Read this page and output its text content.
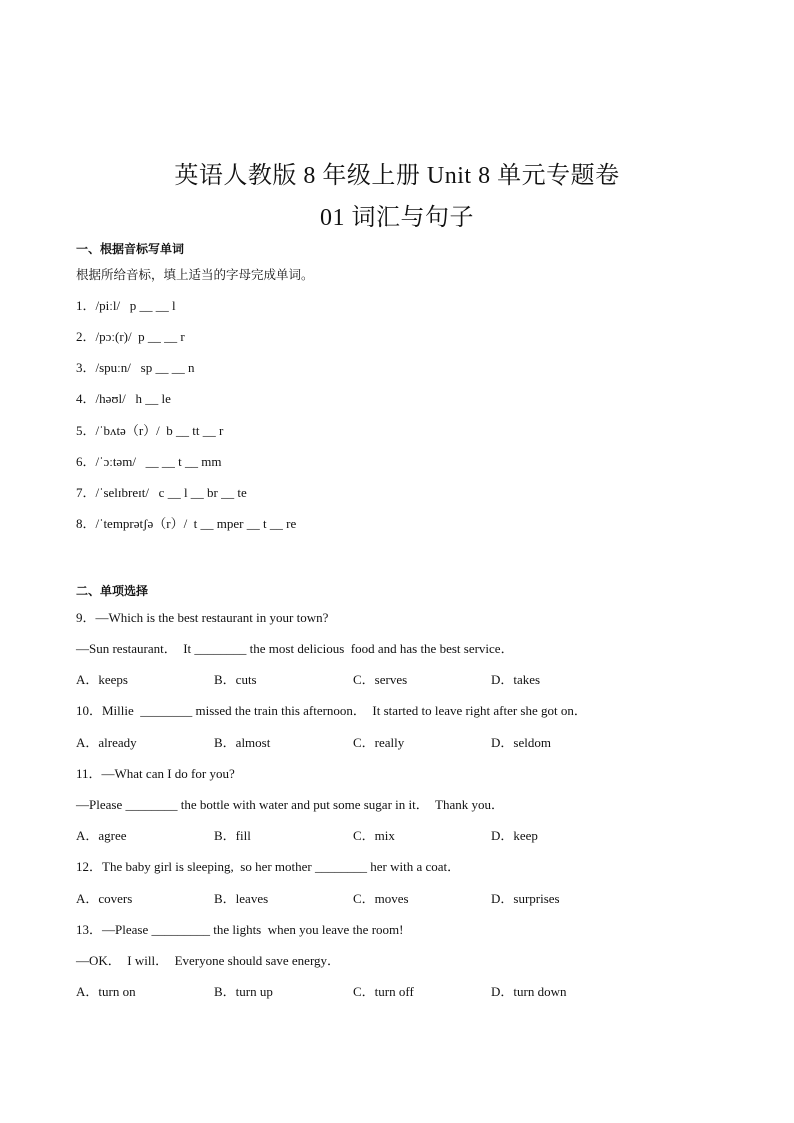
英语人教版 8 年级上册 Unit 8 单元专题卷
01 词汇与句子
一、根据音标写单词
根据所给音标，填上适当的字母完成单词。
1．/piːl/   p __ __ l
2．/pɔː(r)/  p __ __ r
3．/spuːn/   sp __ __ n
4．/həʊl/   h __ le
5．/ˈbʌtə（r）/  b __ tt __ r
6．/ˈɔːtəm/   __ __ t __ mm
7．/ˈselɪbreɪt/   c __ l __ br __ te
8．/ˈtemprətʃə（r）/  t __ mper __ t __ re
二、单项选择
9．—Which is the best restaurant in your town?
—Sun restaurant．  It ________ the most delicious  food and has the best service．
A．keeps	B．cuts	C．serves	D．takes
10．Millie  ________ missed the train this afternoon．  It started to leave right after she got on．
A．already	B．almost	C．really	D．seldom
11．—What can I do for you?
—Please ________ the bottle with water and put some sugar in it．  Thank you．
A．agree	B．fill	C．mix	D．keep
12．The baby girl is sleeping,  so her mother ________ her with a coat．
A．covers	B．leaves	C．moves	D．surprises
13．—Please _________ the lights  when you leave the room!
—OK．  I will．  Everyone should save energy．
A．turn on	B．turn up	C．turn off	D．turn down
